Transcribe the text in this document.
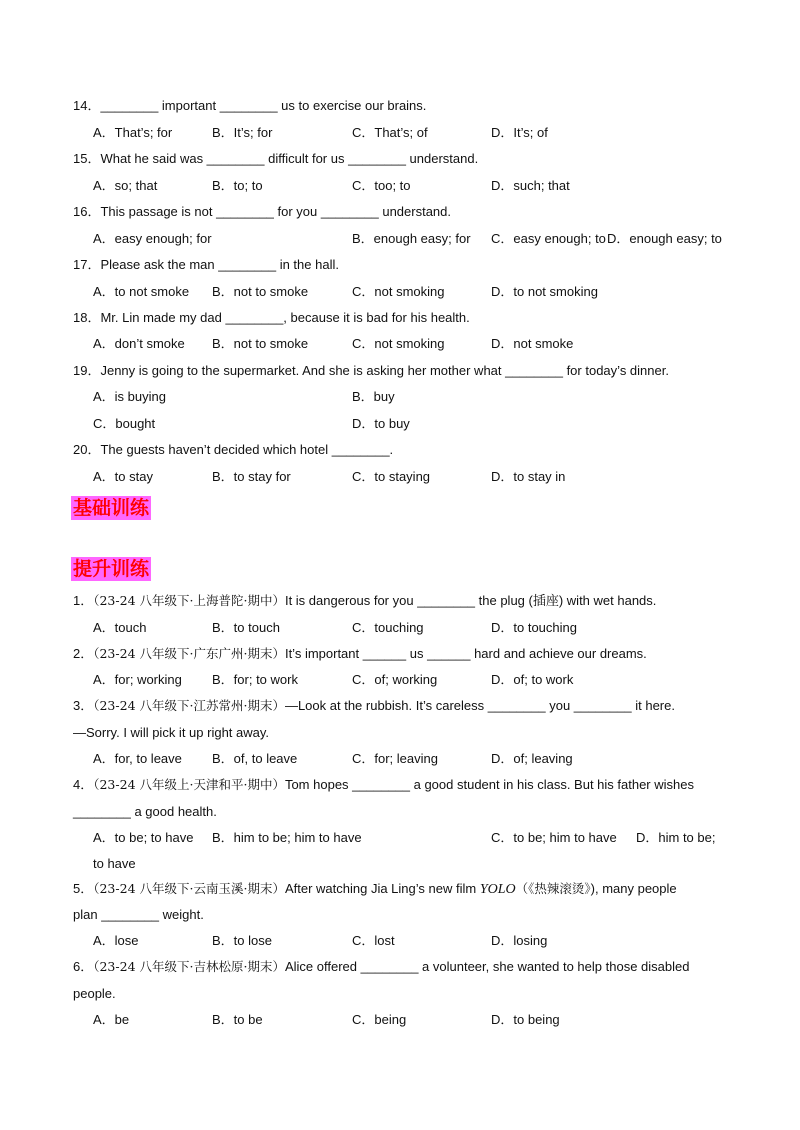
14．________ important ________ us to exercise our brains.
A．That’s; for	B．It’s; for	C．That’s; of	D．It’s; of
15．What he said was ________ difficult for us ________ understand.
A．so; that	B．to; to	C．too; to	D．such; that
16．This passage is not ________ for you ________ understand.
A．easy enough; for	B．enough easy; for C．easy enough; to D．enough easy; to
17．Please ask the man ________ in the hall.
A．to not smoke B．not to smoke	C．not smoking	D．to not smoking
18．Mr. Lin made my dad ________, because it is bad for his health.
A．don’t smoke B．not to smoke	C．not smoking	D．not smoke
19．Jenny is going to the supermarket. And she is asking her mother what ________ for today’s dinner.
A．is buying	B．buy
C．bought	D．to buy
20．The guests haven’t decided which hotel ________.
A．to stay	B．to stay for	C．to staying	D．to stay in
基础训练
提升训练
1．（23-24 八年级下·上海普陀·期中）It is dangerous for you ________ the plug (插座) with wet hands.
A．touch	B．to touch	C．touching	D．to touching
2．（23-24 八年级下·广东广州·期末）It’s important ______ us ______ hard and achieve our dreams.
A．for; working B．for; to work	C．of; working	D．of; to work
3．（23-24 八年级下·江苏常州·期末）—Look at the rubbish. It’s careless ________ you ________ it here.
—Sorry. I will pick it up right away.
A．for, to leave B．of, to leave	C．for; leaving	D．of; leaving
4．（23-24 八年级上·天津和平·期中）Tom hopes ________ a good student in his class. But his father wishes
________ a good health.
A．to be; to have B．him to be; him to have	C．to be; him to have D．him to be;
to have
5．（23-24 八年级下·云南玉溪·期末）After watching Jia Ling’s new film YOLO（《热辣滚烫》), many people
plan ________ weight.
A．lose	B．to lose	C．lost	D．losing
6．（23-24 八年级下·吉林松原·期末）Alice offered ________ a volunteer, she wanted to help those disabled
people.
A．be	B．to be	C．being	D．to being
